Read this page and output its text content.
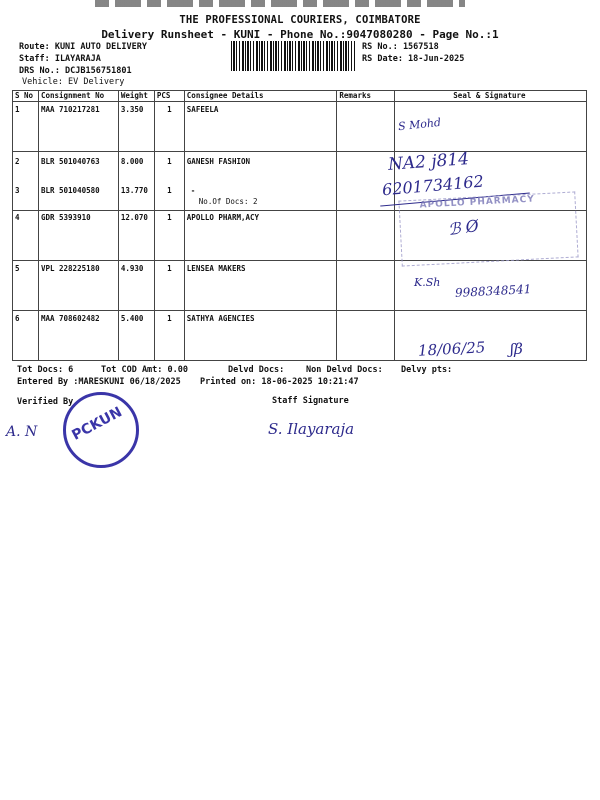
THE PROFESSIONAL COURIERS, COIMBATORE
Delivery Runsheet - KUNI - Phone No.:9047080280 - Page No.:1
Route: KUNI AUTO DELIVERY
Staff: ILAYARAJA
DRS No.: DCJB156751801
Vehicle: EV Delivery
RS No.: 1567518
RS Date: 18-Jun-2025
S No	Consignment No	Weight	PCS	Consignee Details	Remarks	Seal & Signature
1	MAA 710217281	3.350	1	SAFEELA		
2	BLR 501040763	8.000	1	GANESH FASHION		
3	BLR 501040580	13.770	1	-
No.Of Docs: 2		

4	GDR 5393910	12.070	1	APOLLO PHARM,ACY		
5	VPL 228225180	4.930	1	LENSEA MAKERS		
6	MAA 708602482	5.400	1	SATHYA AGENCIES		
S Mohd
NA2 j814
6201734162
APOLLO PHARMACY
ℬ Ø
K.Sh 9988348541
18/06/25 ʃβ
Tot Docs: 6	Tot COD Amt: 0.00	Delvd Docs:	Non Delvd Docs: Delvy pts:
Entered By :MARESKUNI 06/18/2025 Printed on: 18-06-2025 10:21:47
Verified By	Staff Signature
A. N PCKUN	S. Ilayaraja
